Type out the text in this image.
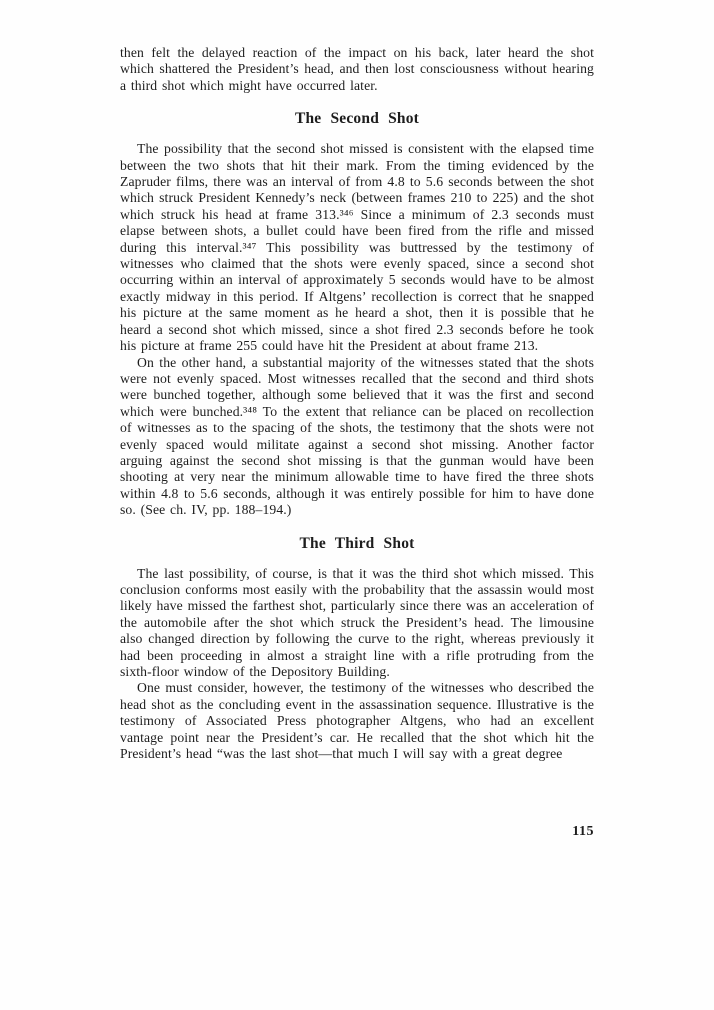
then felt the delayed reaction of the impact on his back, later heard the shot which shattered the President’s head, and then lost consciousness without hearing a third shot which might have occurred later.

The Second Shot

The possibility that the second shot missed is consistent with the elapsed time between the two shots that hit their mark. From the timing evidenced by the Zapruder films, there was an interval of from 4.8 to 5.6 seconds between the shot which struck President Kennedy’s neck (between frames 210 to 225) and the shot which struck his head at frame 313.³⁴⁶ Since a minimum of 2.3 seconds must elapse between shots, a bullet could have been fired from the rifle and missed during this interval.³⁴⁷ This possibility was buttressed by the testimony of witnesses who claimed that the shots were evenly spaced, since a second shot occurring within an interval of approximately 5 seconds would have to be almost exactly midway in this period. If Altgens’ recollection is correct that he snapped his picture at the same moment as he heard a shot, then it is possible that he heard a second shot which missed, since a shot fired 2.3 seconds before he took his picture at frame 255 could have hit the President at about frame 213.

On the other hand, a substantial majority of the witnesses stated that the shots were not evenly spaced. Most witnesses recalled that the second and third shots were bunched together, although some believed that it was the first and second which were bunched.³⁴⁸ To the extent that reliance can be placed on recollection of witnesses as to the spacing of the shots, the testimony that the shots were not evenly spaced would militate against a second shot missing. Another factor arguing against the second shot missing is that the gunman would have been shooting at very near the minimum allowable time to have fired the three shots within 4.8 to 5.6 seconds, although it was entirely possible for him to have done so. (See ch. IV, pp. 188–194.)

The Third Shot

The last possibility, of course, is that it was the third shot which missed. This conclusion conforms most easily with the probability that the assassin would most likely have missed the farthest shot, particularly since there was an acceleration of the automobile after the shot which struck the President’s head. The limousine also changed direction by following the curve to the right, whereas previously it had been proceeding in almost a straight line with a rifle protruding from the sixth-floor window of the Depository Building.

One must consider, however, the testimony of the witnesses who described the head shot as the concluding event in the assassination sequence. Illustrative is the testimony of Associated Press photographer Altgens, who had an excellent vantage point near the President’s car. He recalled that the shot which hit the President’s head “was the last shot—that much I will say with a great degree

115
